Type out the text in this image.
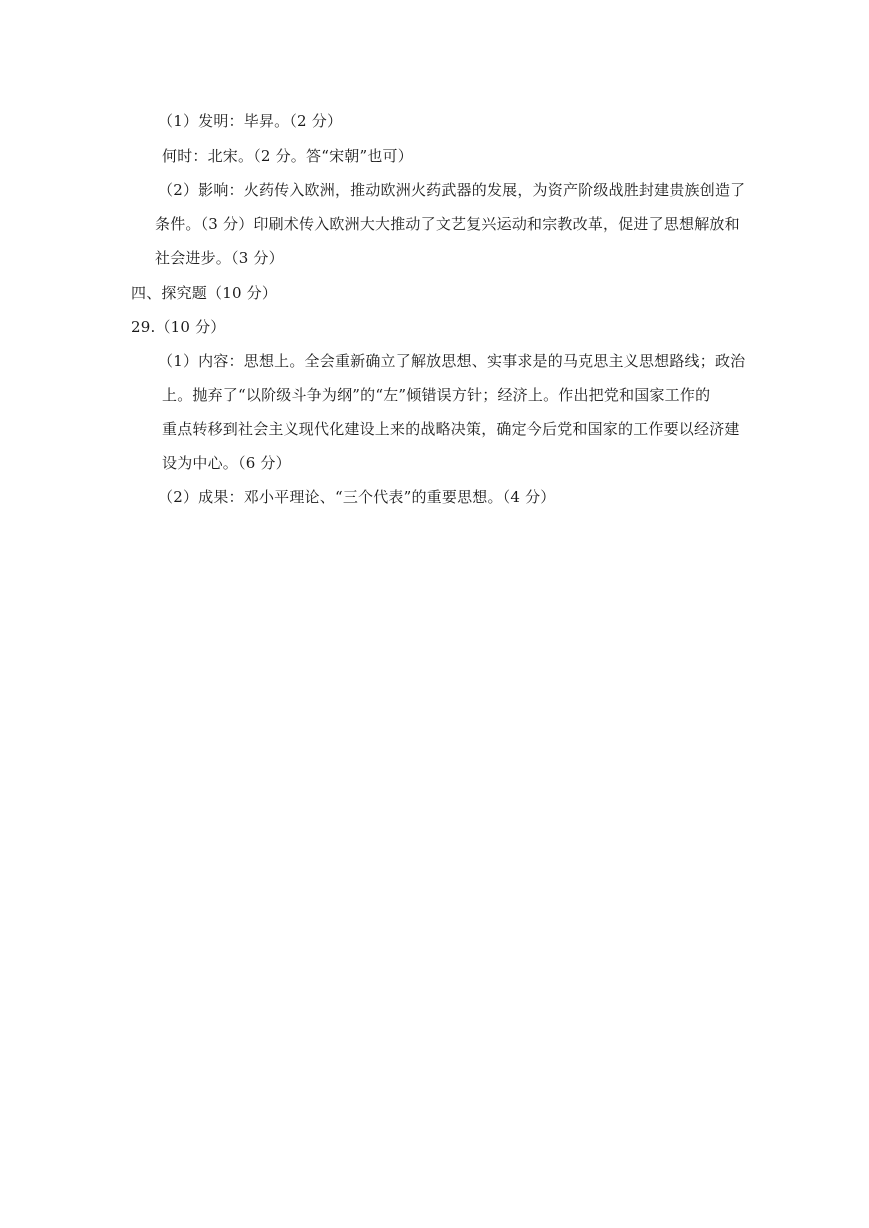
（1）发明：毕昇。（2 分）
何时：北宋。（2 分。答“宋朝”也可）
（2）影响：火药传入欧洲，推动欧洲火药武器的发展，为资产阶级战胜封建贵族创造了
条件。（3 分）印刷术传入欧洲大大推动了文艺复兴运动和宗教改革，促进了思想解放和
社会进步。（3 分）
四、探究题（10 分）
29.（10 分）
（1）内容：思想上。全会重新确立了解放思想、实事求是的马克思主义思想路线；政治
上。抛弃了“以阶级斗争为纲”的“左”倾错误方针；经济上。作出把党和国家工作的
重点转移到社会主义现代化建设上来的战略决策，确定今后党和国家的工作要以经济建
设为中心。（6 分）
（2）成果：邓小平理论、“三个代表”的重要思想。（4 分）
